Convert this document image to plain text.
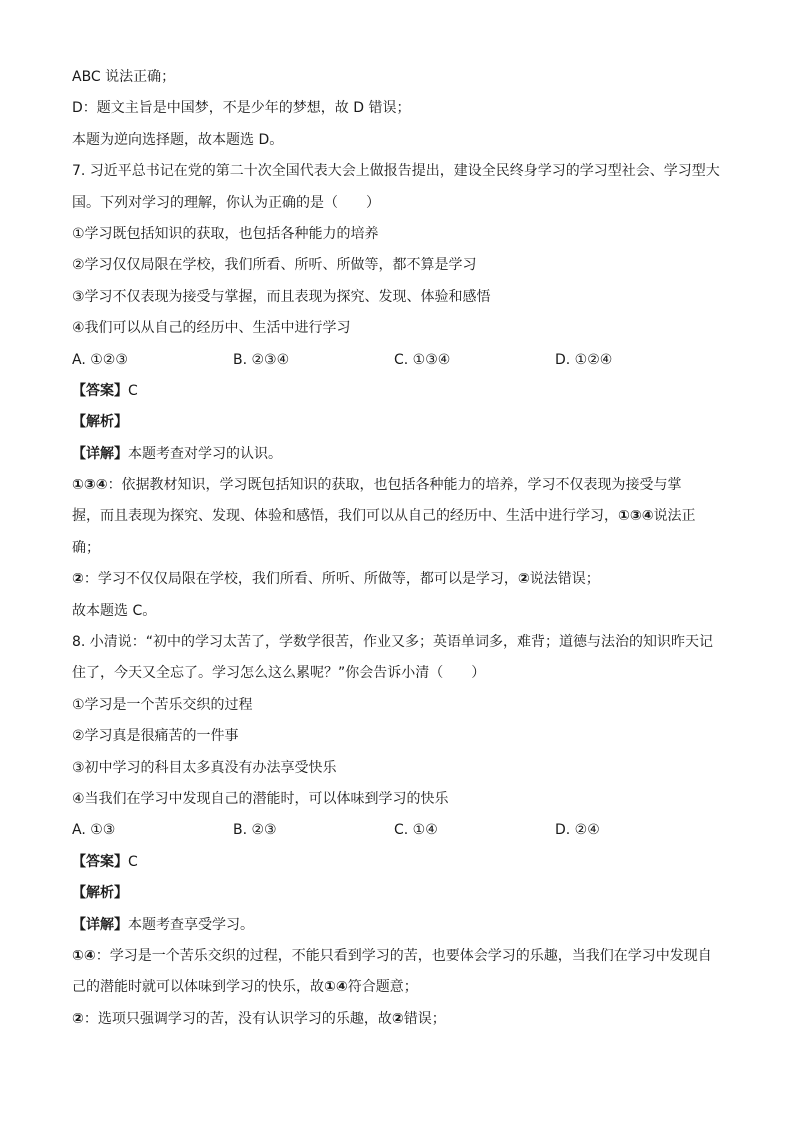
ABC 说法正确；
D：题文主旨是中国梦，不是少年的梦想，故 D 错误；
本题为逆向选择题，故本题选 D。
7. 习近平总书记在党的第二十次全国代表大会上做报告提出，建设全民终身学习的学习型社会、学习型大
国。下列对学习的理解，你认为正确的是（　　）
①学习既包括知识的获取，也包括各种能力的培养
②学习仅仅局限在学校，我们所看、所听、所做等，都不算是学习
③学习不仅表现为接受与掌握，而且表现为探究、发现、体验和感悟
④我们可以从自己的经历中、生活中进行学习
A. ①②③	B. ②③④	C. ①③④	D. ①②④
【答案】C
【解析】
【详解】本题考查对学习的认识。
①③④：依据教材知识，学习既包括知识的获取，也包括各种能力的培养，学习不仅表现为接受与掌
握，而且表现为探究、发现、体验和感悟，我们可以从自己的经历中、生活中进行学习，①③④说法正
确；
②：学习不仅仅局限在学校，我们所看、所听、所做等，都可以是学习，②说法错误；
故本题选 C。
8. 小清说：“初中的学习太苦了，学数学很苦，作业又多；英语单词多，难背；道德与法治的知识昨天记
住了，今天又全忘了。学习怎么这么累呢？”你会告诉小清（　　）
①学习是一个苦乐交织的过程
②学习真是很痛苦的一件事
③初中学习的科目太多真没有办法享受快乐
④当我们在学习中发现自己的潜能时，可以体味到学习的快乐
A. ①③	B. ②③	C. ①④	D. ②④
【答案】C
【解析】
【详解】本题考查享受学习。
①④：学习是一个苦乐交织的过程，不能只看到学习的苦，也要体会学习的乐趣，当我们在学习中发现自
己的潜能时就可以体味到学习的快乐，故①④符合题意；
②：选项只强调学习的苦，没有认识学习的乐趣，故②错误；
